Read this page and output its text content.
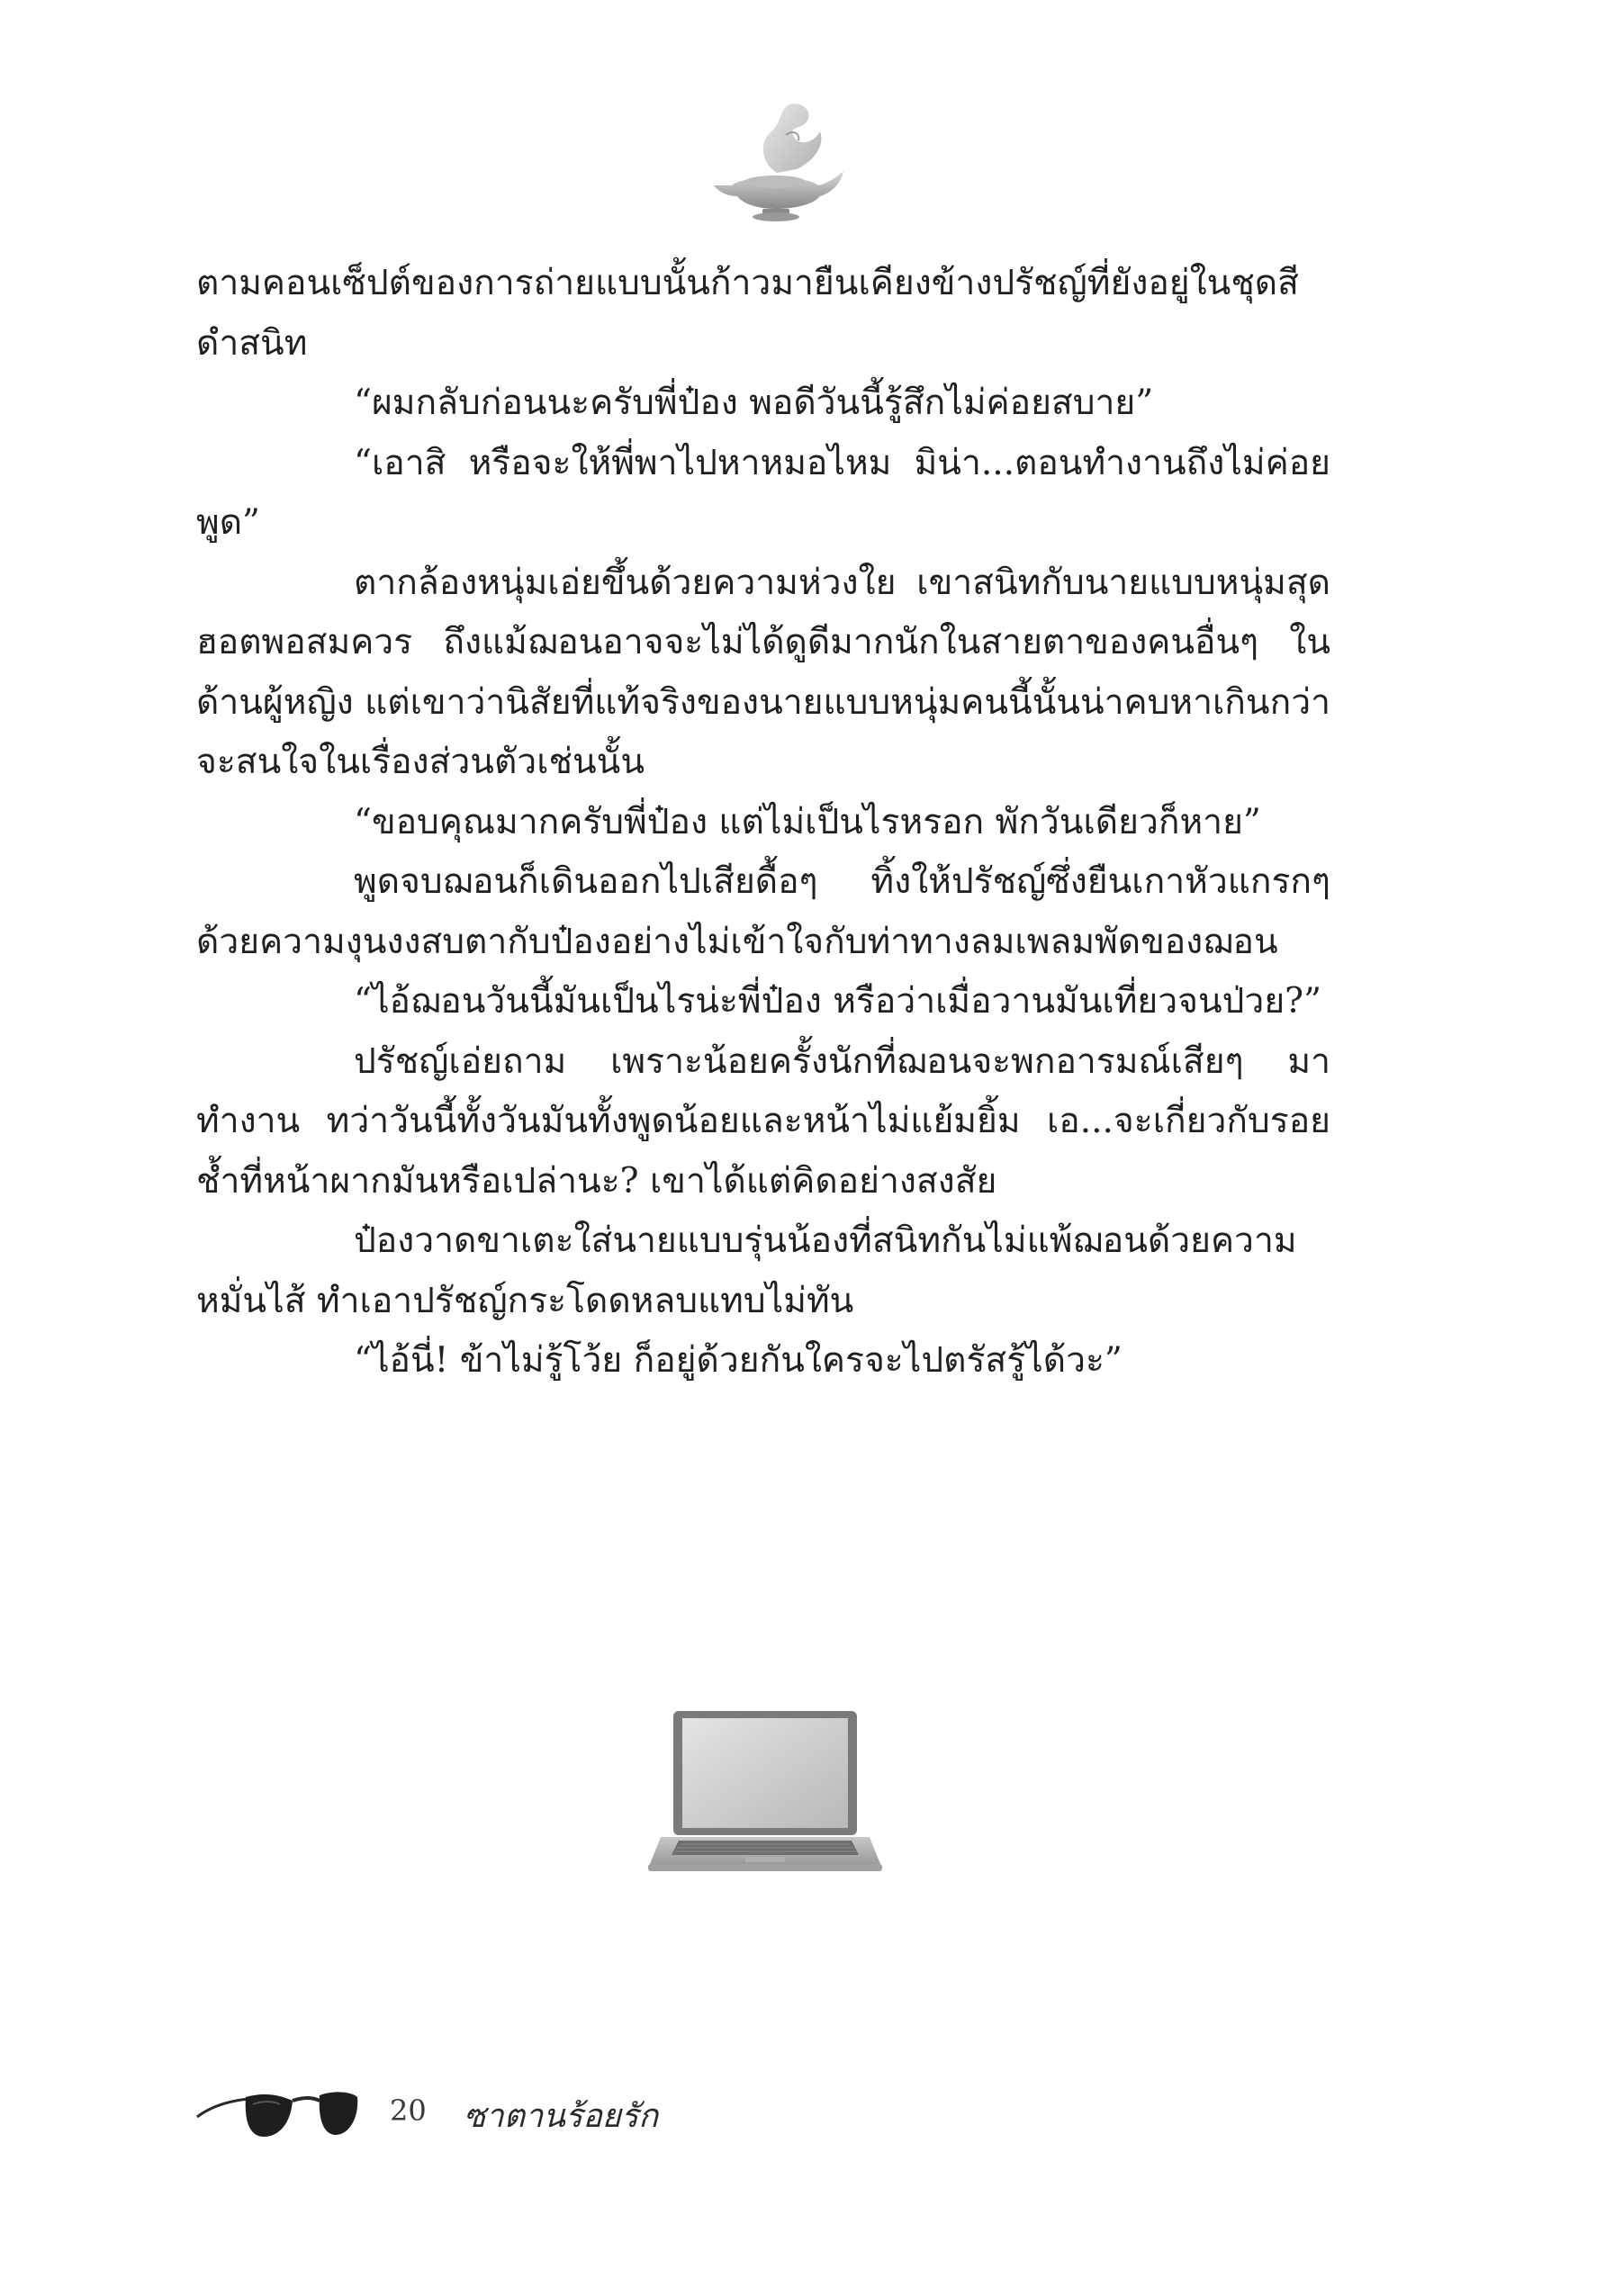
ตามคอนเซ็ปต์ของการถ่ายแบบนั้นก้าวมายืนเคียงข้างปรัชญ์ที่ยังอยู่ในชุดสีดำสนิท

“ผมกลับก่อนนะครับพี่ป๋อง พอดีวันนี้รู้สึกไม่ค่อยสบาย”

“เอาสิ หรือจะให้พี่พาไปหาหมอไหม มิน่า...ตอนทำงานถึงไม่ค่อยพูด”

ตากล้องหนุ่มเอ่ยขึ้นด้วยความห่วงใย เขาสนิทกับนายแบบหนุ่มสุดฮอตพอสมควร ถึงแม้ฌอนอาจจะไม่ได้ดูดีมากนักในสายตาของคนอื่นๆ ในด้านผู้หญิง แต่เขาว่านิสัยที่แท้จริงของนายแบบหนุ่มคนนี้นั้นน่าคบหาเกินกว่าจะสนใจในเรื่องส่วนตัวเช่นนั้น

“ขอบคุณมากครับพี่ป๋อง แต่ไม่เป็นไรหรอก พักวันเดียวก็หาย”

พูดจบฌอนก็เดินออกไปเสียดื้อๆ ทิ้งให้ปรัชญ์ซึ่งยืนเกาหัวแกรกๆ ด้วยความงุนงงสบตากับป๋องอย่างไม่เข้าใจกับท่าทางลมเพลมพัดของฌอน

“ไอ้ฌอนวันนี้มันเป็นไรน่ะพี่ป๋อง หรือว่าเมื่อวานมันเที่ยวจนป่วย?”

ปรัชญ์เอ่ยถาม เพราะน้อยครั้งนักที่ฌอนจะพกอารมณ์เสียๆ มาทำงาน ทว่าวันนี้ทั้งวันมันทั้งพูดน้อยและหน้าไม่แย้มยิ้ม เอ...จะเกี่ยวกับรอยช้ำที่หน้าผากมันหรือเปล่านะ? เขาได้แต่คิดอย่างสงสัย

ป๋องวาดขาเตะใส่นายแบบรุ่นน้องที่สนิทกันไม่แพ้ฌอนด้วยความหมั่นไส้ ทำเอาปรัชญ์กระโดดหลบแทบไม่ทัน

“ไอ้นี่! ข้าไม่รู้โว้ย ก็อยู่ด้วยกันใครจะไปตรัสรู้ได้วะ”

20 ซาตานร้อยรัก
